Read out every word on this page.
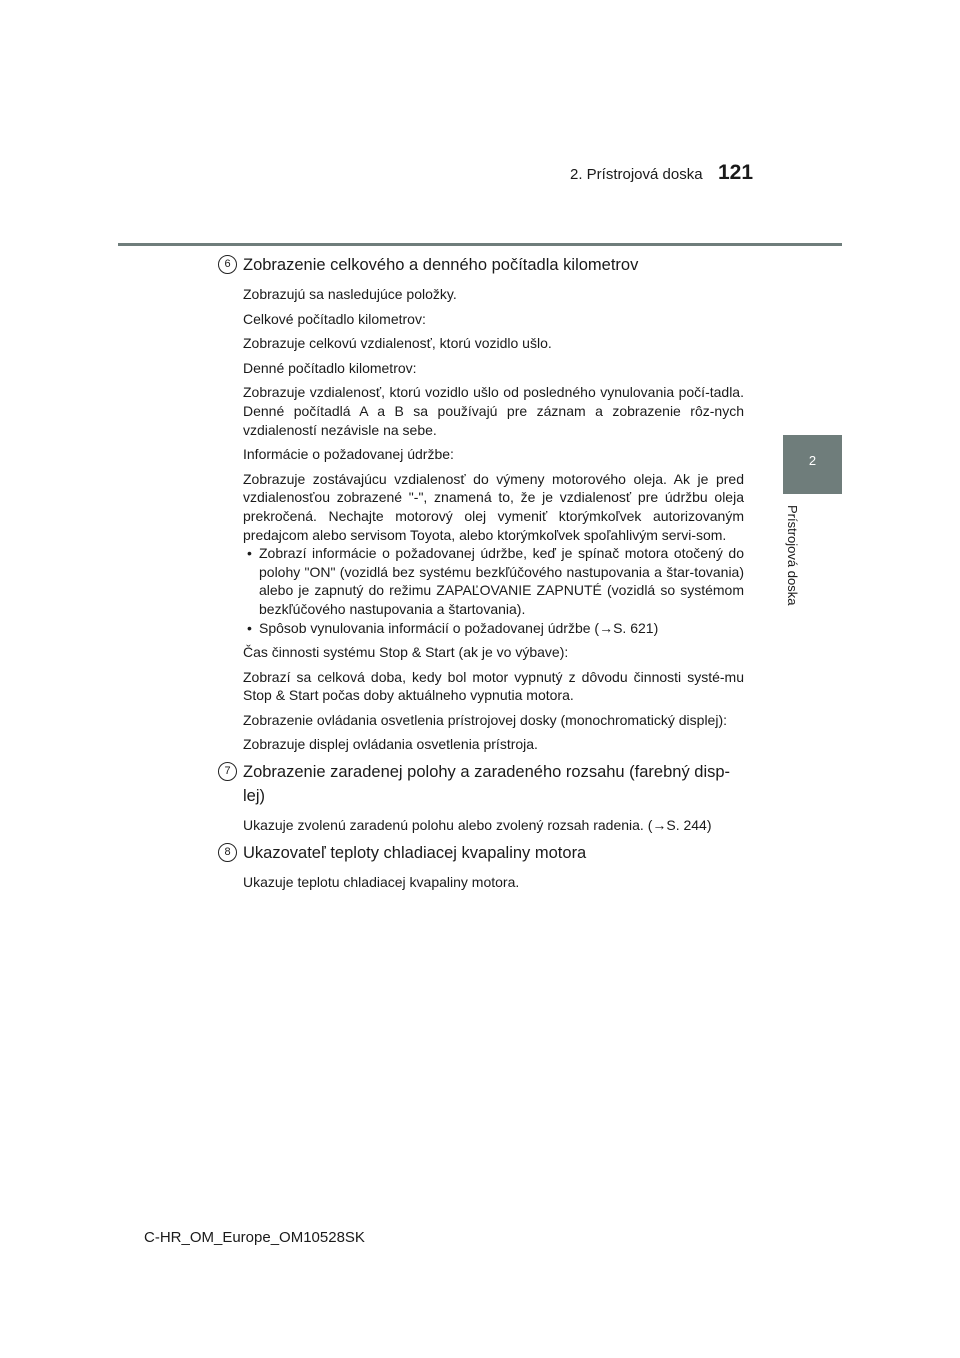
2. Prístrojová doska 121
2
Prístrojová doska
6 Zobrazenie celkového a denného počítadla kilometrov

Zobrazujú sa nasledujúce položky.

Celkové počítadlo kilometrov:

Zobrazuje celkovú vzdialenosť, ktorú vozidlo ušlo.

Denné počítadlo kilometrov:

Zobrazuje vzdialenosť, ktorú vozidlo ušlo od posledného vynulovania počí-tadla. Denné počítadlá A a B sa používajú pre záznam a zobrazenie rôz-nych vzdialeností nezávisle na sebe.

Informácie o požadovanej údržbe:

Zobrazuje zostávajúcu vzdialenosť do výmeny motorového oleja. Ak je pred vzdialenosťou zobrazené "-", znamená to, že je vzdialenosť pre údržbu oleja prekročená. Nechajte motorový olej vymeniť ktorýmkoľvek autorizovaným predajcom alebo servisom Toyota, alebo ktorýmkoľvek spoľahlivým servi-som.

• Zobrazí informácie o požadovanej údržbe, keď je spínač motora otočený do polohy "ON" (vozidlá bez systému bezkľúčového nastupovania a štar-tovania) alebo je zapnutý do režimu ZAPAĽOVANIE ZAPNUTÉ (vozidlá so systémom bezkľúčového nastupovania a štartovania).
• Spôsob vynulovania informácií o požadovanej údržbe (→S. 621)

Čas činnosti systému Stop & Start (ak je vo výbave):

Zobrazí sa celková doba, kedy bol motor vypnutý z dôvodu činnosti systé-mu Stop & Start počas doby aktuálneho vypnutia motora.

Zobrazenie ovládania osvetlenia prístrojovej dosky (monochromatický displej):

Zobrazuje displej ovládania osvetlenia prístroja.

7 Zobrazenie zaradenej polohy a zaradeného rozsahu (farebný disp-lej)

Ukazuje zvolenú zaradenú polohu alebo zvolený rozsah radenia. (→S. 244)

8 Ukazovateľ teploty chladiacej kvapaliny motora

Ukazuje teplotu chladiacej kvapaliny motora.

C-HR_OM_Europe_OM10528SK
